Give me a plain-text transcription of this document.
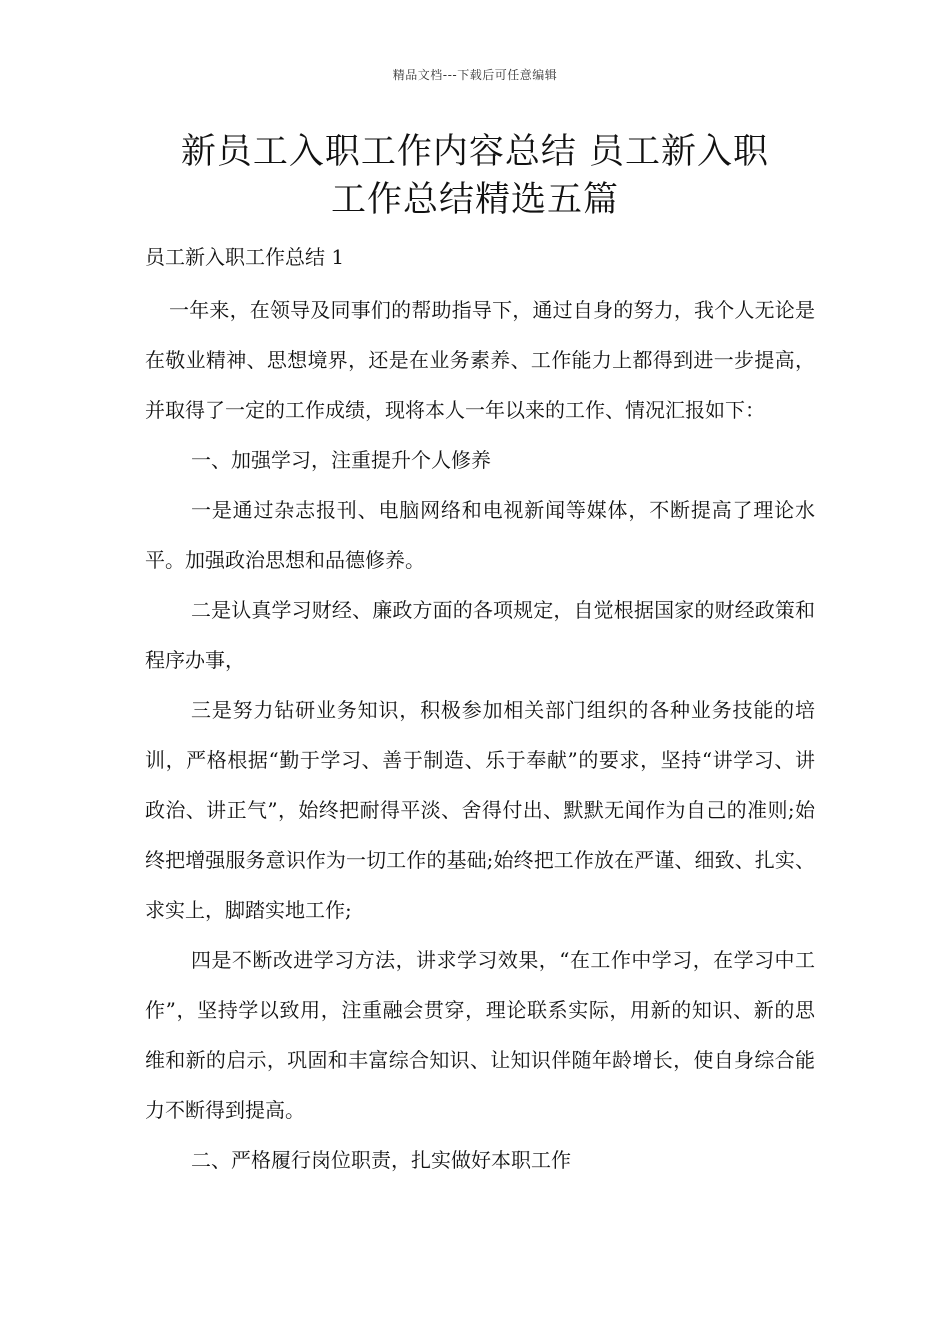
精品文档---下载后可任意编辑
新员工入职工作内容总结 员工新入职
工作总结精选五篇

员工新入职工作总结 1

一年来，在领导及同事们的帮助指导下，通过自身的努力，我个人无论是在敬业精神、思想境界，还是在业务素养、工作能力上都得到进一步提高，并取得了一定的工作成绩，现将本人一年以来的工作、情况汇报如下：

一、加强学习，注重提升个人修养

一是通过杂志报刊、电脑网络和电视新闻等媒体，不断提高了理论水平。加强政治思想和品德修养。

二是认真学习财经、廉政方面的各项规定，自觉根据国家的财经政策和程序办事，

三是努力钻研业务知识，积极参加相关部门组织的各种业务技能的培训，严格根据“勤于学习、善于制造、乐于奉献”的要求，坚持“讲学习、讲政治、讲正气”，始终把耐得平淡、舍得付出、默默无闻作为自己的准则;始终把增强服务意识作为一切工作的基础;始终把工作放在严谨、细致、扎实、求实上，脚踏实地工作;

四是不断改进学习方法，讲求学习效果，“在工作中学习，在学习中工作”，坚持学以致用，注重融会贯穿，理论联系实际，用新的知识、新的思维和新的启示，巩固和丰富综合知识、让知识伴随年龄增长，使自身综合能力不断得到提高。

二、严格履行岗位职责，扎实做好本职工作
